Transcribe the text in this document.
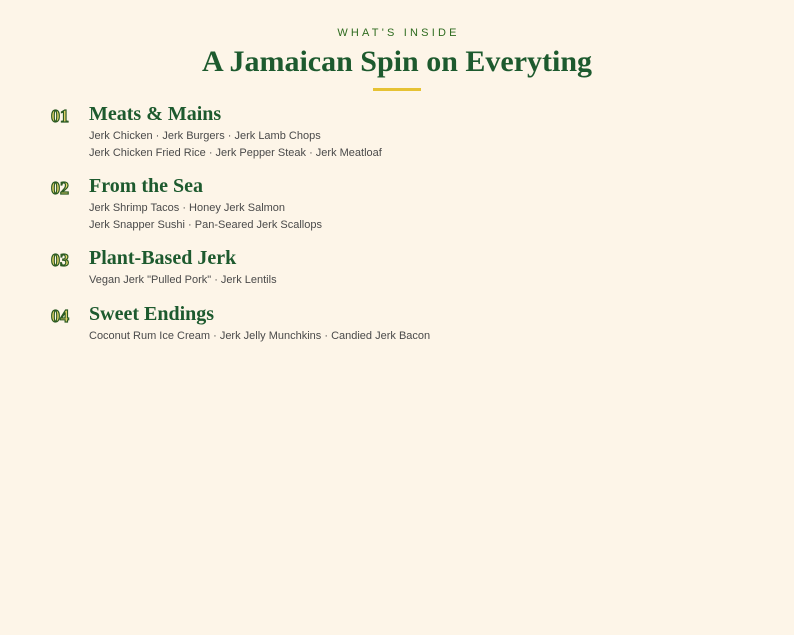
WHAT'S INSIDE
A Jamaican Spin on Everyting
01 Meats & Mains
Jerk Chicken · Jerk Burgers · Jerk Lamb Chops
Jerk Chicken Fried Rice · Jerk Pepper Steak · Jerk Meatloaf
02 From the Sea
Jerk Shrimp Tacos · Honey Jerk Salmon
Jerk Snapper Sushi · Pan-Seared Jerk Scallops
03 Plant-Based Jerk
Vegan Jerk "Pulled Pork" · Jerk Lentils
04 Sweet Endings
Coconut Rum Ice Cream · Jerk Jelly Munchkins · Candied Jerk Bacon
